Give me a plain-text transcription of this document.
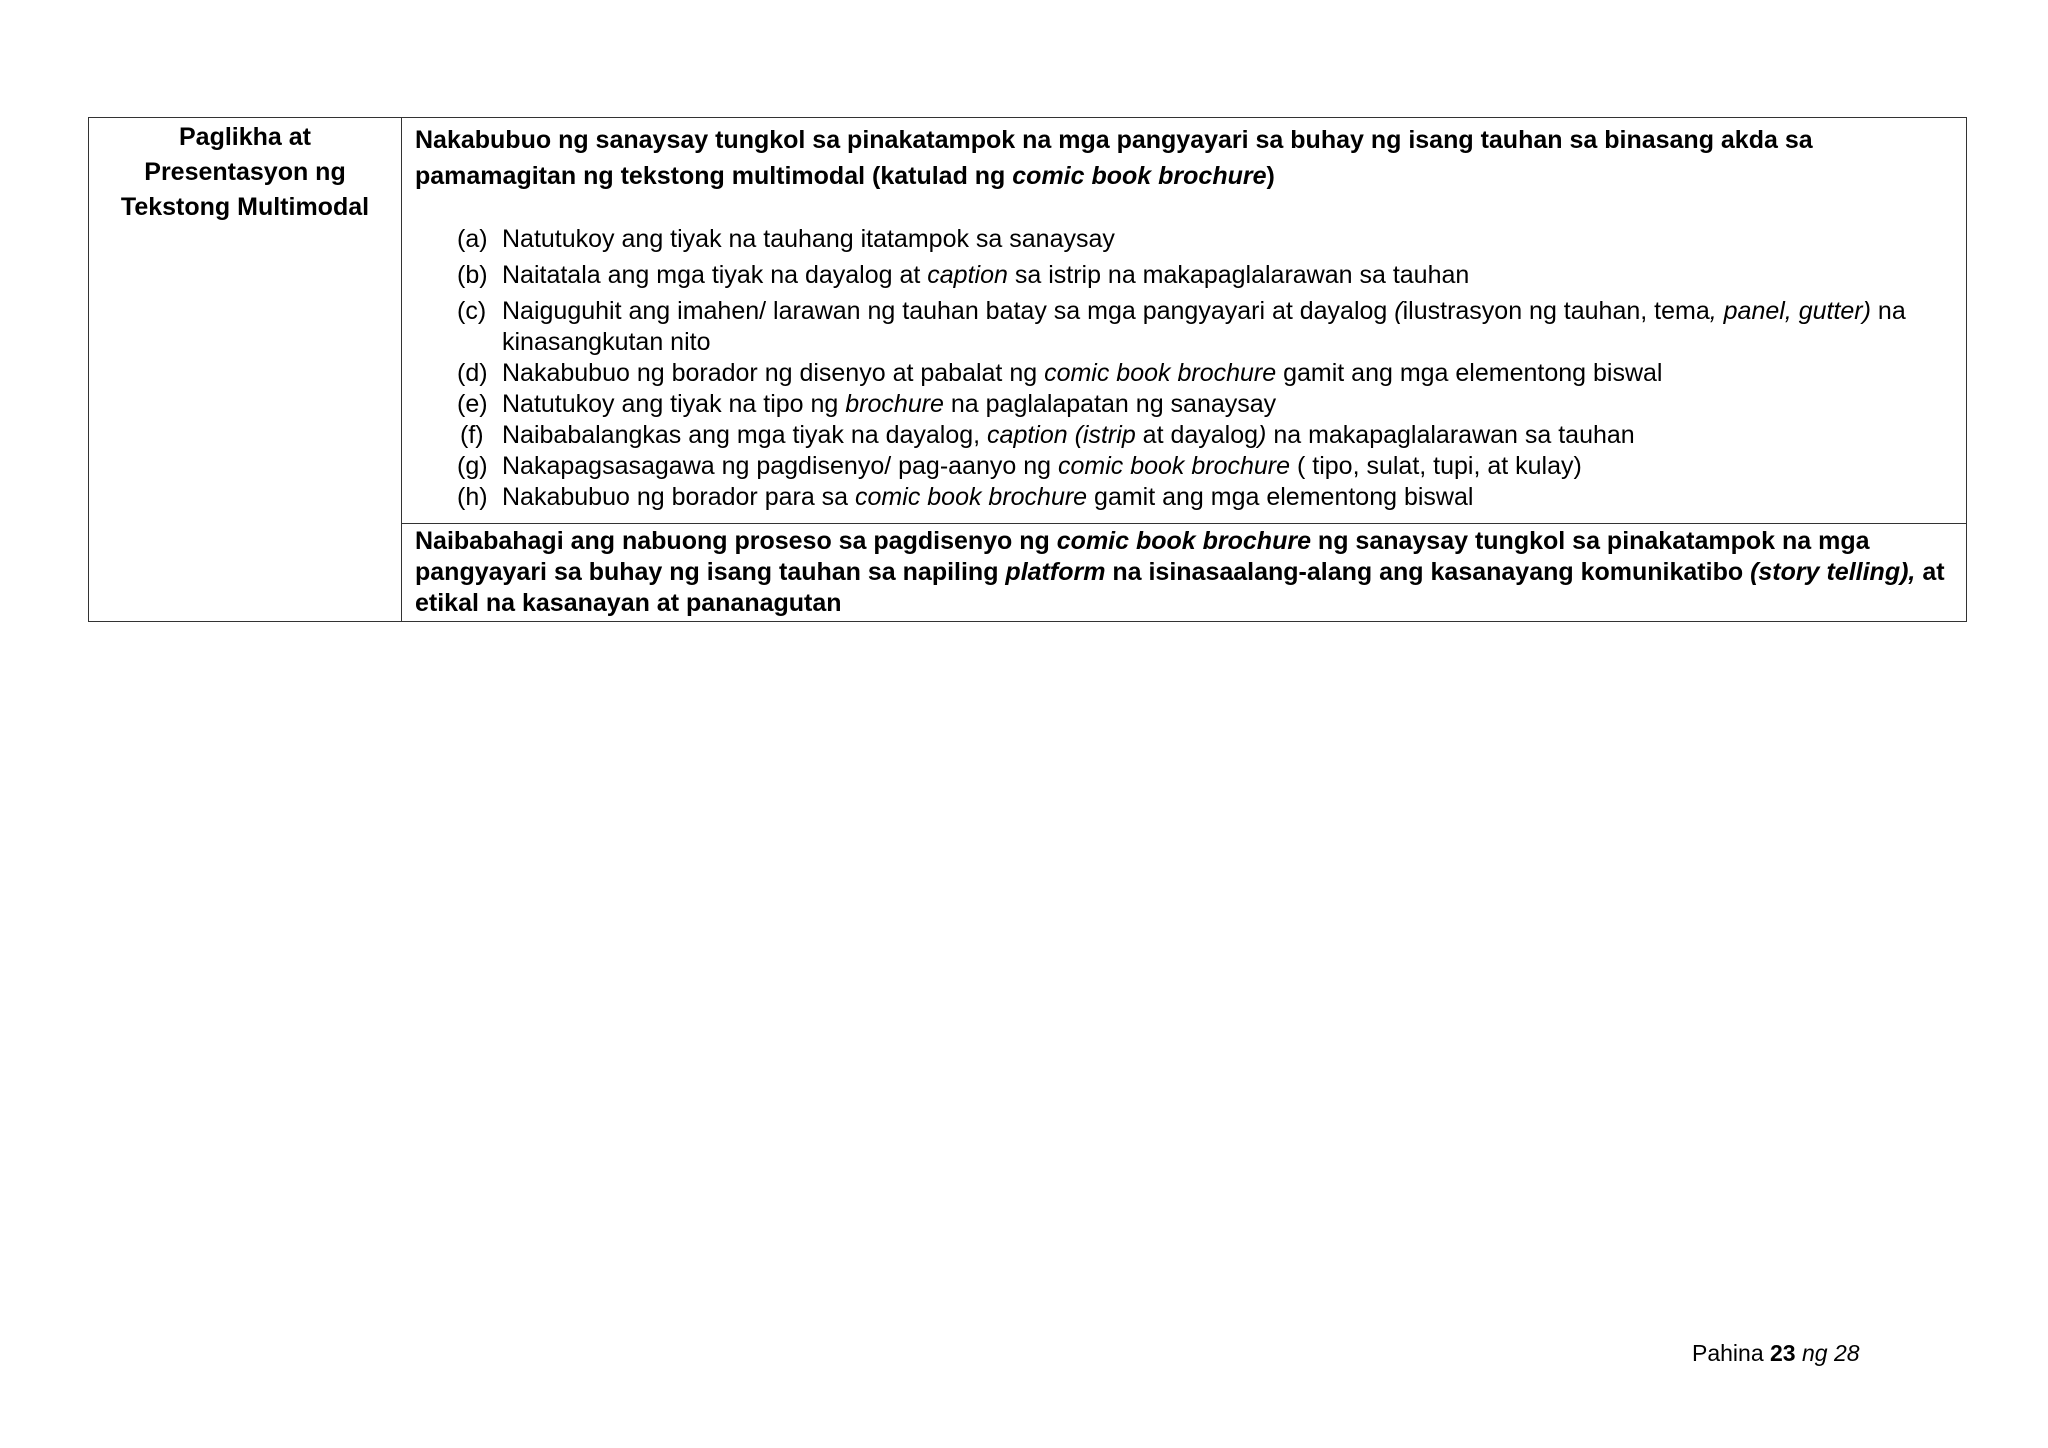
Paglikha at
Presentasyon ng
Tekstong Multimodal

Nakabubuo ng sanaysay tungkol sa pinakatampok na mga pangyayari sa buhay ng isang tauhan sa binasang akda sa pamamagitan ng tekstong multimodal (katulad ng comic book brochure)
(a) Natutukoy ang tiyak na tauhang itatampok sa sanaysay
(b) Naitatala ang mga tiyak na dayalog at caption sa istrip na makapaglalarawan sa tauhan
(c) Naiguguhit ang imahen/ larawan ng tauhan batay sa mga pangyayari at dayalog (ilustrasyon ng tauhan, tema, panel, gutter) na kinasangkutan nito
(d) Nakabubuo ng borador ng disenyo at pabalat ng comic book brochure gamit ang mga elementong biswal
(e) Natutukoy ang tiyak na tipo ng brochure na paglalapatan ng sanaysay
(f) Naibabalangkas ang mga tiyak na dayalog, caption (istrip at dayalog) na makapaglalarawan sa tauhan
(g) Nakapagsasagawa ng pagdisenyo/ pag-aanyo ng comic book brochure ( tipo, sulat, tupi, at kulay)
(h) Nakabubuo ng borador para sa comic book brochure gamit ang mga elementong biswal

Naibabahagi ang nabuong proseso sa pagdisenyo ng comic book brochure ng sanaysay tungkol sa pinakatampok na mga pangyayari sa buhay ng isang tauhan sa napiling platform na isinasaalang-alang ang kasanayang komunikatibo (story telling), at etikal na kasanayan at pananagutan
Pahina 23 ng 28
